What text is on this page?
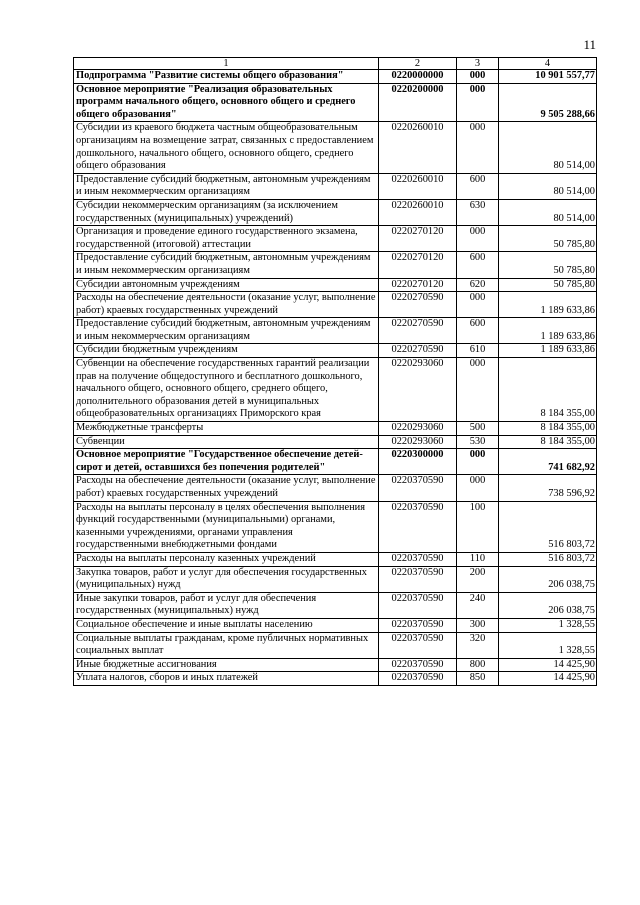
11
1	2	3	4
Подпрограмма "Развитие системы общего образования"	0220000000	000	10 901 557,77
Основное мероприятие "Реализация образовательных программ начального общего, основного общего и среднего общего образования"	0220200000	000	9 505 288,66
Субсидии из краевого бюджета частным общеобразовательным организациям на возмещение затрат, связанных с предоставлением дошкольного, начального общего, основного общего, среднего общего образования	0220260010	000	80 514,00
Предоставление субсидий бюджетным, автономным учреждениям и иным некоммерческим организациям	0220260010	600	80 514,00
Субсидии некоммерческим организациям (за исключением государственных (муниципальных) учреждений)	0220260010	630	80 514,00
Организация и проведение единого государственного экзамена, государственной (итоговой) аттестации	0220270120	000	50 785,80
Предоставление субсидий бюджетным, автономным учреждениям и иным некоммерческим организациям	0220270120	600	50 785,80
Субсидии автономным учреждениям	0220270120	620	50 785,80
Расходы на обеспечение деятельности (оказание услуг, выполнение работ) краевых государственных учреждений	0220270590	000	1 189 633,86
Предоставление субсидий бюджетным, автономным учреждениям и иным некоммерческим организациям	0220270590	600	1 189 633,86
Субсидии бюджетным учреждениям	0220270590	610	1 189 633,86
Субвенции на обеспечение государственных гарантий реализации прав на получение общедоступного и бесплатного дошкольного, начального общего, основного общего, среднего общего, дополнительного образования детей в муниципальных общеобразовательных организациях Приморского края	0220293060	000	8 184 355,00
Межбюджетные трансферты	0220293060	500	8 184 355,00
Субвенции	0220293060	530	8 184 355,00
Основное мероприятие "Государственное обеспечение детей-сирот и детей, оставшихся без попечения родителей"	0220300000	000	741 682,92
Расходы на обеспечение деятельности (оказание услуг, выполнение работ) краевых государственных учреждений	0220370590	000	738 596,92
Расходы на выплаты персоналу в целях обеспечения выполнения функций государственными (муниципальными) органами, казенными учреждениями, органами управления государственными внебюджетными фондами	0220370590	100	516 803,72
Расходы на выплаты персоналу казенных учреждений	0220370590	110	516 803,72
Закупка товаров, работ и услуг для обеспечения государственных (муниципальных) нужд	0220370590	200	206 038,75
Иные закупки товаров, работ и услуг для обеспечения государственных (муниципальных) нужд	0220370590	240	206 038,75
Социальное обеспечение и иные выплаты населению	0220370590	300	1 328,55
Социальные выплаты гражданам, кроме публичных нормативных социальных выплат	0220370590	320	1 328,55
Иные бюджетные ассигнования	0220370590	800	14 425,90
Уплата налогов, сборов и иных платежей	0220370590	850	14 425,90
